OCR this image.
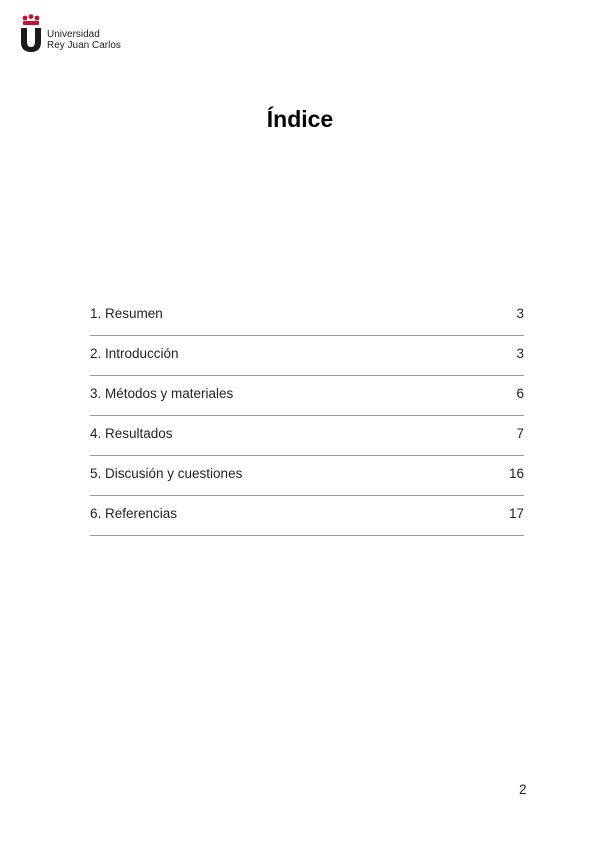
Universidad
Rey Juan Carlos
Índice
1. Resumen	3
2. Introducción	3
3. Métodos y materiales	6
4. Resultados	7
5. Discusión y cuestiones	16
6. Referencias	17
2
